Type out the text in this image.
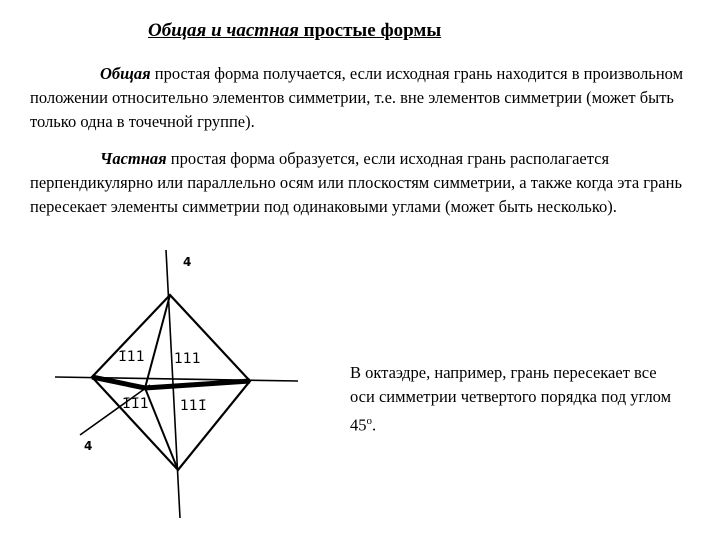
Общая и частная простые формы
Общая простая форма получается, если исходная грань находится в произвольном положении относительно элементов симметрии, т.е. вне элементов симметрии (может быть только одна в точечной группе).
Частная простая форма образуется, если исходная грань располагается перпендикулярно или параллельно осям или плоскостям симметрии, а также когда эта грань пересекает элементы симметрии под одинаковыми углами (может быть несколько).
4
4
1̄11 111
1̄1̄1 111̄
В октаэдре, например, грань пересекает все оси симметрии четвертого порядка под углом 45$^o$.
